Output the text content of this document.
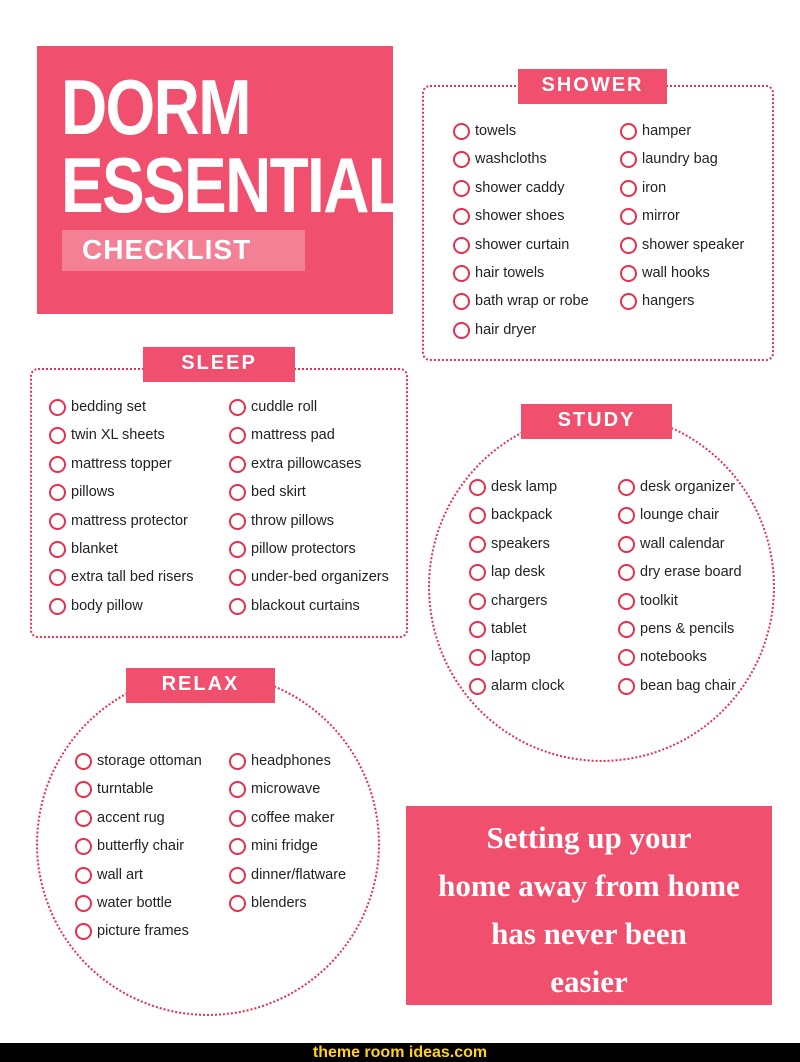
DORM
ESSENTIALS
CHECKLIST
SHOWER
towels
washcloths
shower caddy
shower shoes
shower curtain
hair towels
bath wrap or robe
hair dryer
hamper
laundry bag
iron
mirror
shower speaker
wall hooks
hangers
SLEEP
bedding set
twin XL sheets
mattress topper
pillows
mattress protector
blanket
extra tall bed risers
body pillow
cuddle roll
mattress pad
extra pillowcases
bed skirt
throw pillows
pillow protectors
under-bed organizers
blackout curtains
STUDY
desk lamp
backpack
speakers
lap desk
chargers
tablet
laptop
alarm clock
desk organizer
lounge chair
wall calendar
dry erase board
toolkit
pens & pencils
notebooks
bean bag chair
RELAX
storage ottoman
turntable
accent rug
butterfly chair
wall art
water bottle
picture frames
headphones
microwave
coffee maker
mini fridge
dinner/flatware
blenders
Setting up your
home away from home
has never been
easier
theme room ideas.com
